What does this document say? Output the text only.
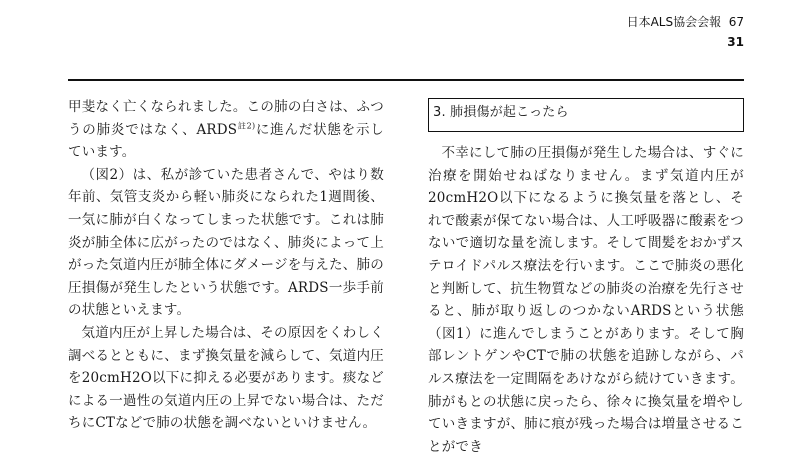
日本ALS協会会報 67
31

甲斐なく亡くなられました。この肺の白さは、ふつうの肺炎ではなく、ARDS$^{註2)}$に進んだ状態を示しています。

（図2）は、私が診ていた患者さんで、やはり数年前、気管支炎から軽い肺炎になられた1週間後、一気に肺が白くなってしまった状態です。これは肺炎が肺全体に広がったのではなく、肺炎によって上がった気道内圧が肺全体にダメージを与えた、肺の圧損傷が発生したという状態です。ARDS一歩手前の状態といえます。

気道内圧が上昇した場合は、その原因をくわしく調べるとともに、まず換気量を減らして、気道内圧を20cmH2O以下に抑える必要があります。痰などによる一過性の気道内圧の上昇でない場合は、ただちにCTなどで肺の状態を調べないといけません。

3. 肺損傷が起こったら

不幸にして肺の圧損傷が発生した場合は、すぐに治療を開始せねばなりません。まず気道内圧が20cmH2O以下になるように換気量を落とし、それで酸素が保てない場合は、人工呼吸器に酸素をつないで適切な量を流します。そして間髪をおかずステロイドパルス療法を行います。ここで肺炎の悪化と判断して、抗生物質などの肺炎の治療を先行させると、肺が取り返しのつかないARDSという状態（図1）に進んでしまうことがあります。そして胸部レントゲンやCTで肺の状態を追跡しながら、パルス療法を一定間隔をあけながら続けていきます。肺がもとの状態に戻ったら、徐々に換気量を増やしていきますが、肺に痕が残った場合は増量させることができ
